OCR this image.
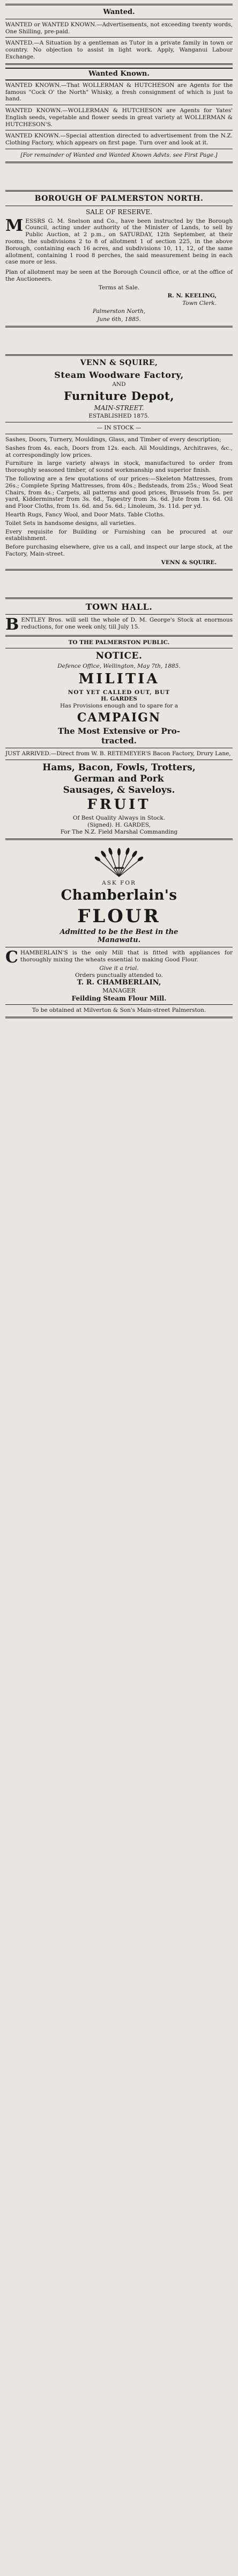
Wanted.

WANTED or WANTED KNOWN.—Advertisements, not exceeding twenty words, One Shilling, pre-paid.

WANTED.—A Situation by a gentleman as Tutor in a private family in town or country. No objection to assist in light work. Apply, Wanganui Labour Exchange.

Wanted Known.

WANTED KNOWN.—That WOLLERMAN & HUTCHESON are Agents for the famous "Cock O' the North" Whisky, a fresh consignment of which is just to hand.

WANTED KNOWN.—WOLLERMAN & HUTCHESON are Agents for Yates' English seeds, vegetable and flower seeds in great variety at WOLLERMAN & HUTCHESON'S.

WANTED KNOWN.—Special attention directed to advertisement from the N.Z. Clothing Factory, which appears on first page. Turn over and look at it.

[For remainder of Wanted and Wanted Known Advts. see First Page.]

BOROUGH OF PALMERSTON NORTH.
SALE OF RESERVE.

MESSRS G. M. Snelson and Co., have been instructed by the Borough Council, acting under authority of the Minister of Lands, to sell by Public Auction, at 2 p.m., on SATURDAY, 12th September, at their rooms, the subdivisions 2 to 8 of allotment 1 of section 225, in the above Borough, containing each 16 acres, and subdivisions 10, 11, 12, of the same allotment, containing 1 rood 8 perches, the said measurement being in each case more or less.

Plan of allotment may be seen at the Borough Council office, or at the office of the Auctioneers.

Terms at Sale.
R. N. KEELING,
Town Clerk.
Palmerston North,
June 6th, 1885.
VENN & SQUIRE,
Steam Woodware Factory,
AND
Furniture Depot,
MAIN-STREET.
ESTABLISHED 1875.
— IN STOCK —

Sashes, Doors, Turnery, Mouldings, Glass, and Timber of every description;

Sashes from 4s. each, Doors from 12s. each. All Mouldings, Architraves, &c., at correspondingly low prices.

Furniture in large variety always in stock, manufactured to order from thoroughly seasoned timber, of sound workmanship and superior finish.

The following are a few quotations of our prices:—Skeleton Mattresses, from 26s.; Complete Spring Mattresses, from 40s.; Bedsteads, from 25s.; Wood Seat Chairs, from 4s.; Carpets, all patterns and good prices, Brussels from 5s. per yard, Kidderminster from 3s. 6d., Tapestry from 3s. 6d. Jute from 1s. 6d. Oil and Floor Cloths, from 1s. 6d. and 5s. 6d.; Linoleum, 3s. 11d. per yd.

Hearth Rugs, Fancy Wool, and Door Mats. Table Cloths.

Toilet Sets in handsome designs, all varieties.

Every requisite for Building or Furnishing can be procured at our establishment.

Before purchasing elsewhere, give us a call, and inspect our large stock, at the Factory, Main-street.

VENN & SQUIRE.
TOWN HALL.

BENTLEY Bros. will sell the whole of D. M. George's Stock at enormous reductions, for one week only, till July 15.

TO THE PALMERSTON PUBLIC.
NOTICE.
Defence Office, Wellington, May 7th, 1885.
MILITIA
NOT YET CALLED OUT, BUT
H. GARDES
Has Provisions enough and to spare for a
CAMPAIGN
The Most Extensive or Pro-
tracted.

JUST ARRIVED.—Direct from W. B. RETEMEYER'S Bacon Factory, Drury Lane,

Hams, Bacon, Fowls, Trotters,
German and Pork
Sausages, & Saveloys.
FRUIT
Of Best Quality Always in Stock.
(Signed). H. GARDES,
For The N.Z. Field Marshal Commanding
ASK FOR
Chamberlain's
FLOUR
Admitted to be the Best in the
Manawatu.

CHAMBERLAIN'S is the only Mill that is fitted with appliances for thoroughly mixing the wheats essential to making Good Flour.

Give it a trial.
Orders punctually attended to.
T. R. CHAMBERLAIN,
MANAGER
Feilding Steam Flour Mill.
To be obtained at Milverton & Son's Main-street Palmerston.
